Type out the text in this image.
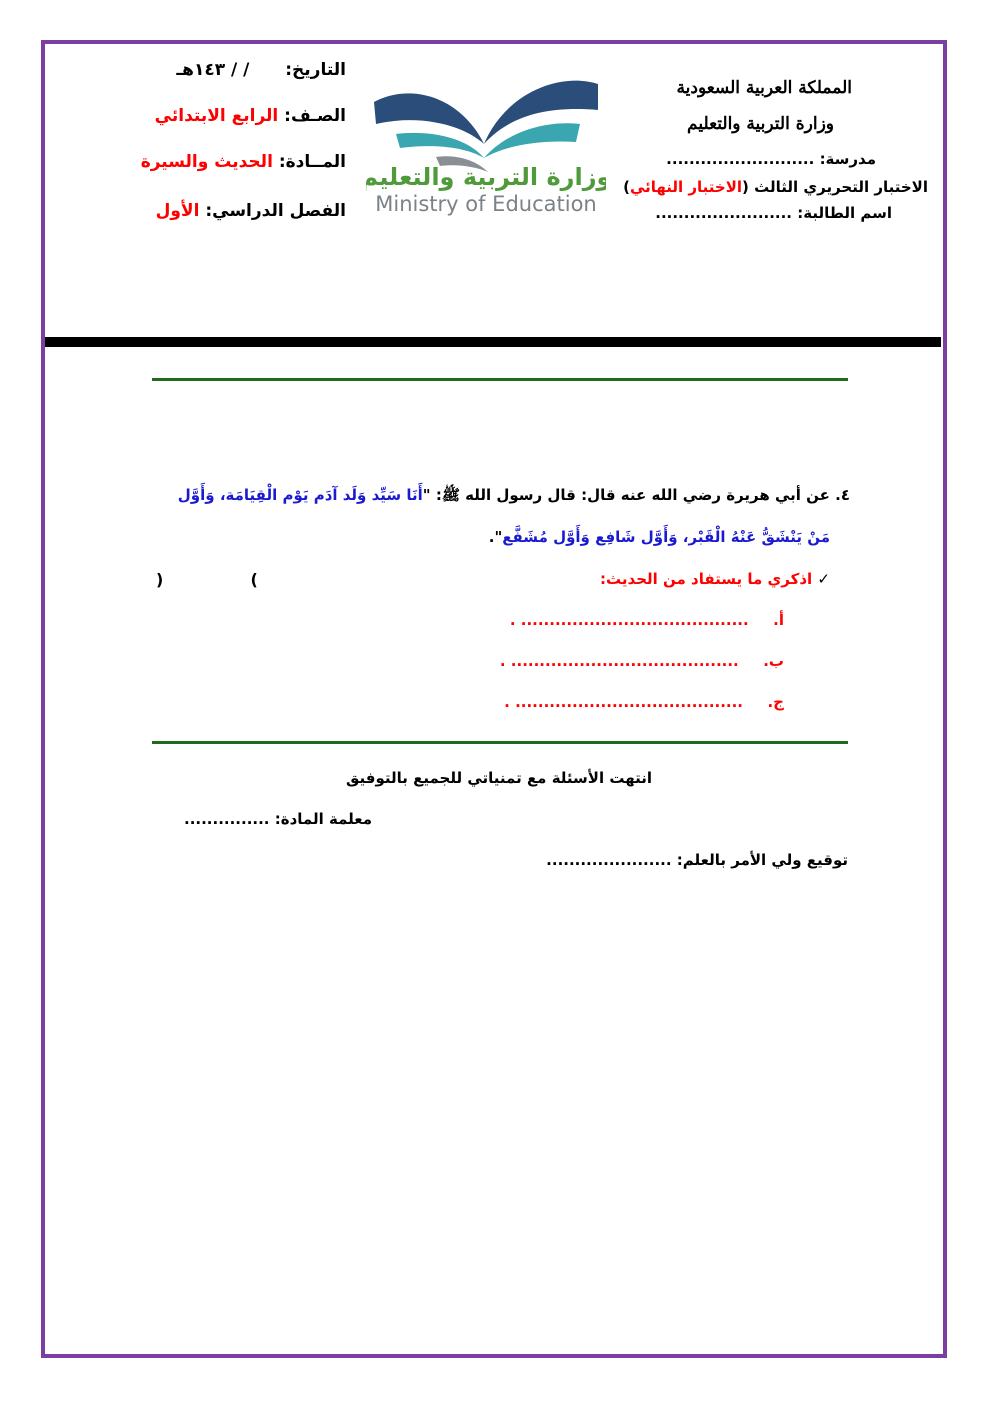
التاريخ:  / / ١٤٣هـ
الصـف: الرابع الابتدائي
المــادة: الحديث والسيرة
الفصل الدراسي: الأول
وزارة التربية والتعليم
Ministry of Education
المملكة العربية السعودية
وزارة التربية والتعليم
مدرسة: ..........................
الاختبار التحريري الثالث (الاختبار النهائي)
اسم الطالبة: ........................
٤. عن أبي هريرة رضي الله عنه قال: قال رسول الله ﷺ: "أَنَا سَيِّد وَلَد آدَم يَوْم الْقِيَامَة، وَأَوَّل
مَنْ يَنْشَقُّ عَنْهُ الْقَبْر، وَأَوَّل شَافِع وَأَوَّل مُشَفَّع".
✓ اذكري ما يستفاد من الحديث:
)	(
أ.  ........................................ .
ب.  ........................................ .
ج.  ........................................ .
انتهت الأسئلة مع تمنياتي للجميع بالتوفيق
معلمة المادة: ...............
توقيع ولي الأمر بالعلم: ......................
